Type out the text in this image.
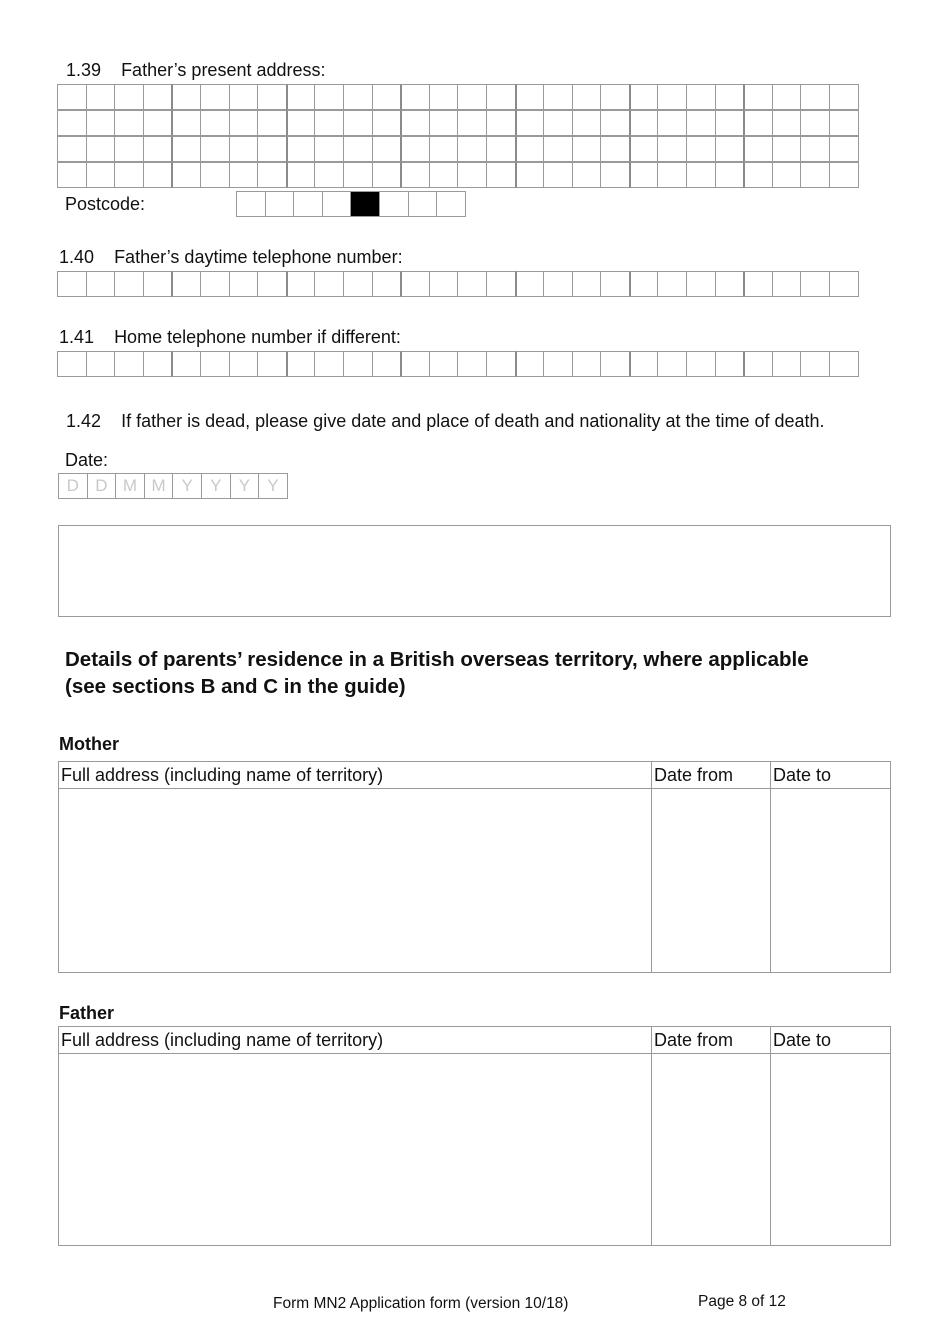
1.39 Father’s present address:
Postcode:
1.40 Father’s daytime telephone number:
1.41 Home telephone number if different:
1.42 If father is dead, please give date and place of death and nationality at the time of death.
Date:
D D M M Y	Y	Y	Y
Details of parents’ residence in a British overseas territory, where applicable
(see sections B and C in the guide)
Mother
Full address (including name of territory)	Date from	Date to

Father
Full address (including name of territory)	Date from	Date to

Form MN2 Application form (version 10/18)	Page 8 of 12
